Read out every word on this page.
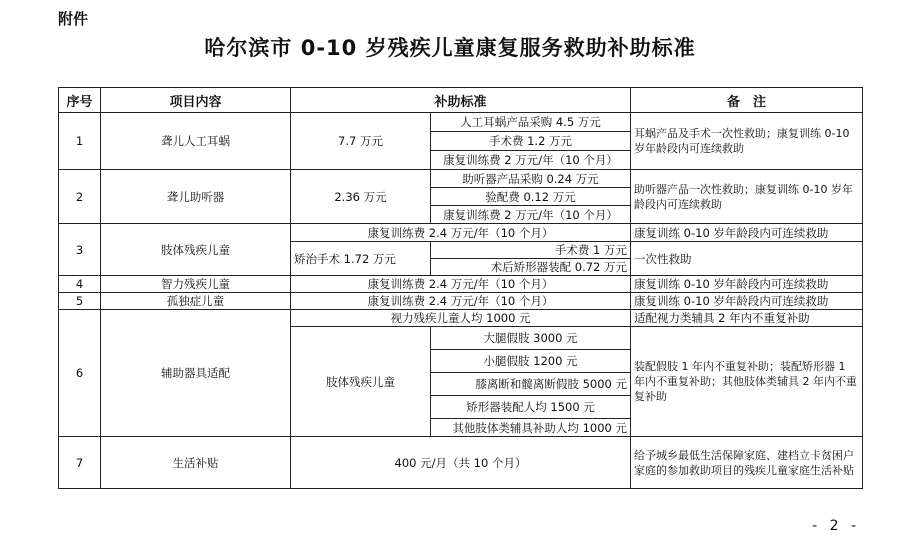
附件
哈尔滨市 0-10 岁残疾儿童康复服务救助补助标准
序号	项目内容	补助标准		备　注
1	聋儿人工耳蜗	7.7 万元	人工耳蜗产品采购 4.5 万元	耳蜗产品及手术一次性救助；康复训练 0-10 岁年龄段内可连续救助
			手术费 1.2 万元	
			康复训练费 2 万元/年（10 个月）	
2	聋儿助听器	2.36 万元	助听器产品采购 0.24 万元	助听器产品一次性救助；康复训练 0-10 岁年龄段内可连续救助
			验配费 0.12 万元	
			康复训练费 2 万元/年（10 个月）	
3	肢体残疾儿童	康复训练费 2.4 万元/年（10 个月）		康复训练 0-10 岁年龄段内可连续救助
		矫治手术 1.72 万元	手术费 1 万元	一次性救助
			术后矫形器装配 0.72 万元	
4	智力残疾儿童	康复训练费 2.4 万元/年（10 个月）		康复训练 0-10 岁年龄段内可连续救助
5	孤独症儿童	康复训练费 2.4 万元/年（10 个月）		康复训练 0-10 岁年龄段内可连续救助
6	辅助器具适配	视力残疾儿童人均 1000 元		适配视力类辅具 2 年内不重复补助
		肢体残疾儿童	大腿假肢 3000 元	装配假肢 1 年内不重复补助；装配矫形器 1 年内不重复补助；其他肢体类辅具 2 年内不重复补助
			小腿假肢 1200 元	
			膝离断和髋离断假肢 5000 元	
			矫形器装配人均 1500 元	
			其他肢体类辅具补助人均 1000 元	
7	生活补贴	400 元/月（共 10 个月）		给予城乡最低生活保障家庭、建档立卡贫困户家庭的参加救助项目的残疾儿童家庭生活补贴
- 2 -
